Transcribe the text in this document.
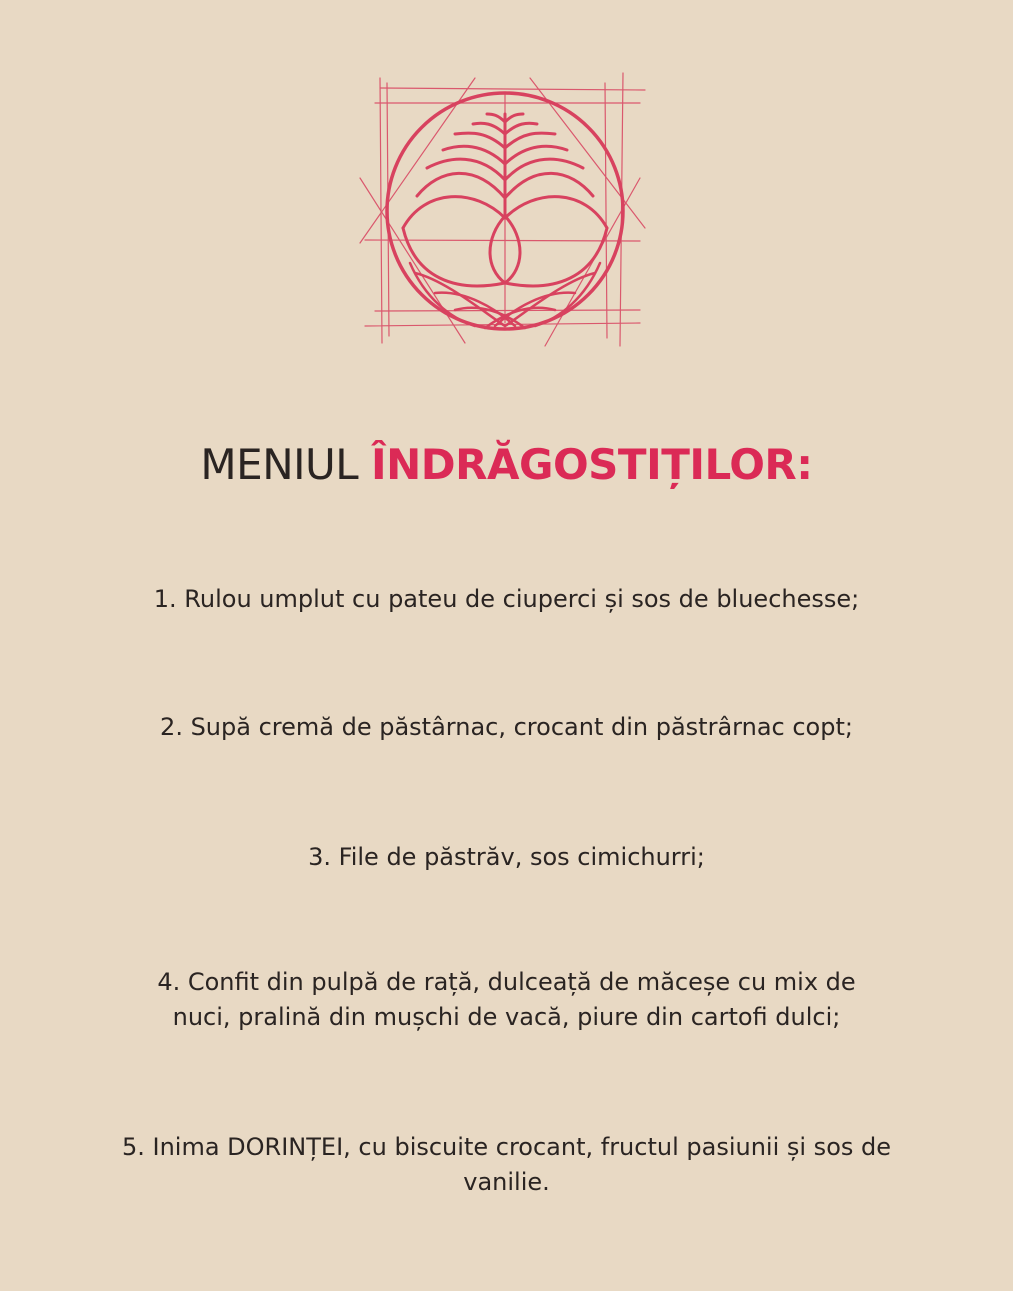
MENIUL ÎNDRĂGOSTIȚILOR:
1. Rulou umplut cu pateu de ciuperci și sos de bluechesse;
2. Supă cremă de păstârnac, crocant din păstrârnac copt;
3. File de păstrăv, sos cimichurri;
4. Confit din pulpă de rață, dulceață de măceșe cu mix de
nuci, pralină din mușchi de vacă, piure din cartofi dulci;
5. Inima DORINȚEI, cu biscuite crocant, fructul pasiunii și sos de
vanilie.
